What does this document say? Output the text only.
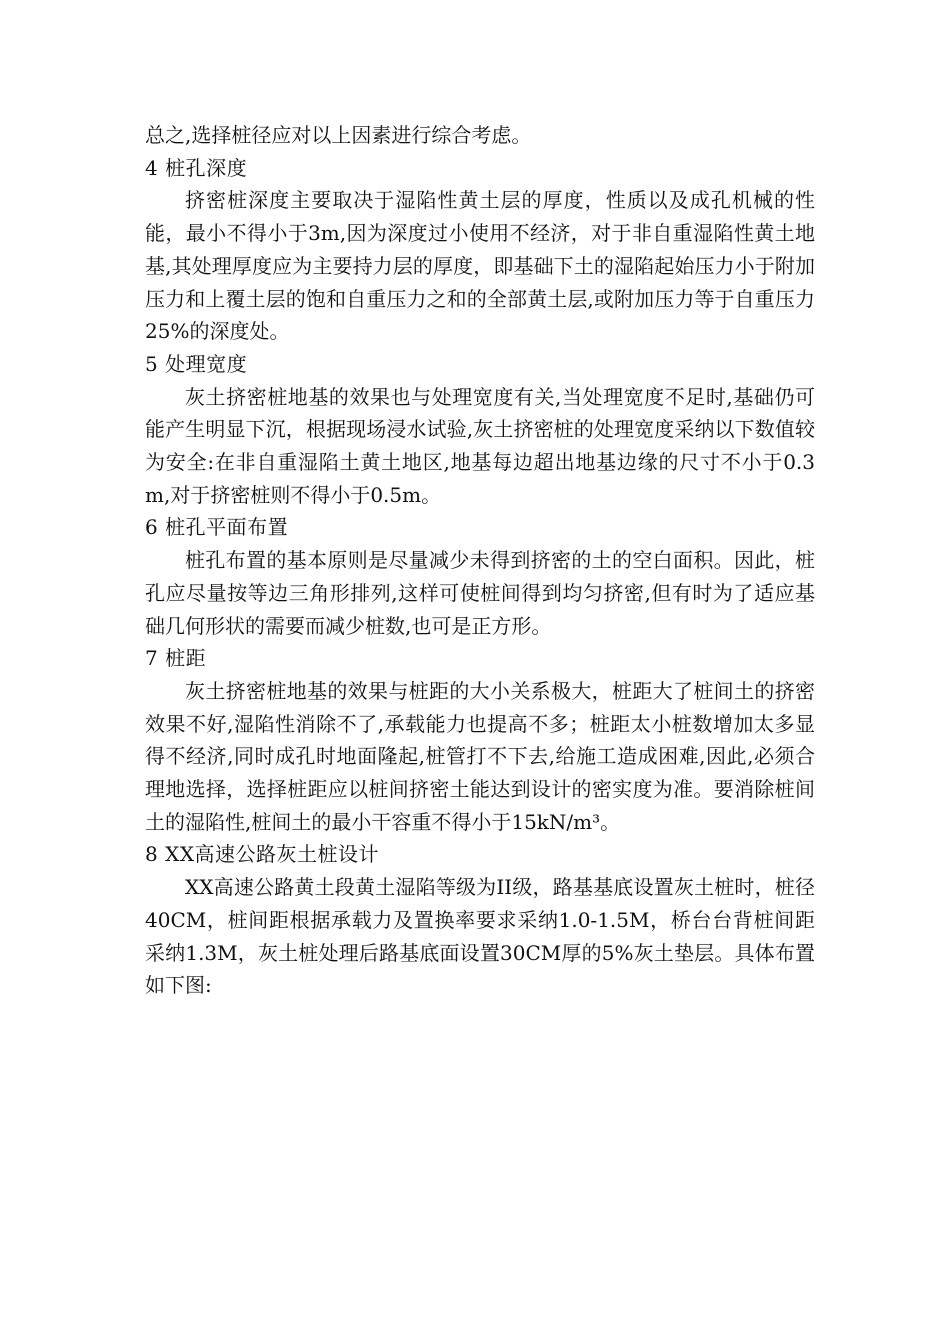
总之,选择桩径应对以上因素进行综合考虑。

4 桩孔深度

挤密桩深度主要取决于湿陷性黄土层的厚度，性质以及成孔机械的性能，最小不得小于3m,因为深度过小使用不经济，对于非自重湿陷性黄土地基,其处理厚度应为主要持力层的厚度，即基础下土的湿陷起始压力小于附加压力和上覆土层的饱和自重压力之和的全部黄土层,或附加压力等于自重压力25%的深度处。

5 处理宽度

灰土挤密桩地基的效果也与处理宽度有关,当处理宽度不足时,基础仍可能产生明显下沉，根据现场浸水试验,灰土挤密桩的处理宽度采纳以下数值较为安全:在非自重湿陷土黄土地区,地基每边超出地基边缘的尺寸不小于0.3m,对于挤密桩则不得小于0.5m。

6 桩孔平面布置

桩孔布置的基本原则是尽量减少未得到挤密的土的空白面积。因此，桩孔应尽量按等边三角形排列,这样可使桩间得到均匀挤密,但有时为了适应基础几何形状的需要而减少桩数,也可是正方形。

7 桩距

灰土挤密桩地基的效果与桩距的大小关系极大，桩距大了桩间土的挤密效果不好,湿陷性消除不了,承载能力也提高不多；桩距太小桩数增加太多显得不经济,同时成孔时地面隆起,桩管打不下去,给施工造成困难,因此,必须合理地选择，选择桩距应以桩间挤密土能达到设计的密实度为准。要消除桩间土的湿陷性,桩间土的最小干容重不得小于15kN/m³。

8 XX高速公路灰土桩设计

XX高速公路黄土段黄土湿陷等级为II级，路基基底设置灰土桩时，桩径40CM，桩间距根据承载力及置换率要求采纳1.0-1.5M，桥台台背桩间距采纳1.3M，灰土桩处理后路基底面设置30CM厚的5%灰土垫层。具体布置如下图:
